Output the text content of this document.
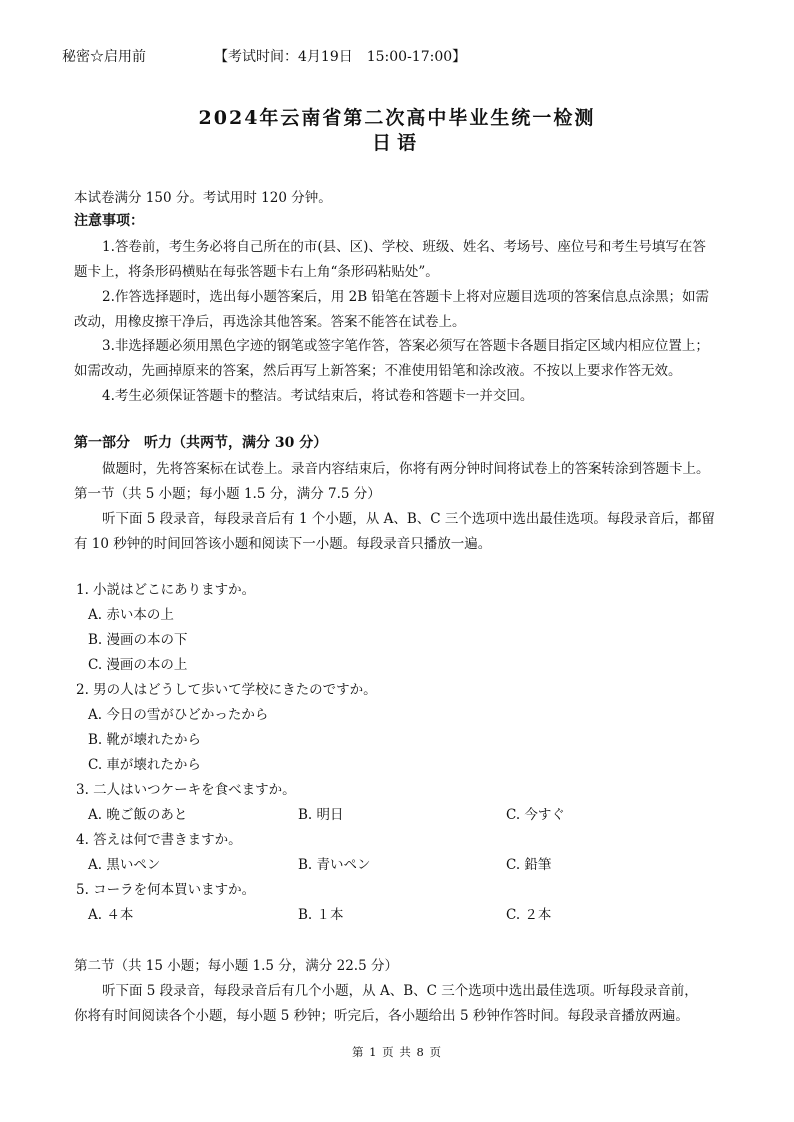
秘密☆启用前	【考试时间：4月19日　15:00-17:00】
2024年云南省第二次高中毕业生统一检测
日语
本试卷满分 150 分。考试用时 120 分钟。
注意事项：
1.答卷前，考生务必将自己所在的市(县、区)、学校、班级、姓名、考场号、座位号和考生号填写在答
题卡上，将条形码横贴在每张答题卡右上角“条形码粘贴处”。
2.作答选择题时，选出每小题答案后，用 2B 铅笔在答题卡上将对应题目选项的答案信息点涂黑；如需
改动，用橡皮擦干净后，再选涂其他答案。答案不能答在试卷上。
3.非选择题必须用黑色字迹的钢笔或签字笔作答，答案必须写在答题卡各题目指定区域内相应位置上；
如需改动，先画掉原来的答案，然后再写上新答案；不准使用铅笔和涂改液。不按以上要求作答无效。
4.考生必须保证答题卡的整洁。考试结束后，将试卷和答题卡一并交回。
第一部分　听力（共两节，满分 30 分）
做题时，先将答案标在试卷上。录音内容结束后，你将有两分钟时间将试卷上的答案转涂到答题卡上。
第一节（共 5 小题；每小题 1.5 分，满分 7.5 分）
听下面 5 段录音，每段录音后有 1 个小题，从 A、B、C 三个选项中选出最佳选项。每段录音后，都留
有 10 秒钟的时间回答该小题和阅读下一小题。每段录音只播放一遍。
1. 小説はどこにありますか。
A. 赤い本の上
B. 漫画の本の下
C. 漫画の本の上
2. 男の人はどうして歩いて学校にきたのですか。
A. 今日の雪がひどかったから
B. 靴が壊れたから
C. 車が壊れたから
3. 二人はいつケーキを食べますか。
A. 晩ご飯のあと	B. 明日	C. 今すぐ
4. 答えは何で書きますか。
A. 黒いペン	B. 青いペン	C. 鉛筆
5. コーラを何本買いますか。
A. ４本	B. １本	C. ２本
第二节（共 15 小题；每小题 1.5 分，满分 22.5 分）
听下面 5 段录音，每段录音后有几个小题，从 A、B、C 三个选项中选出最佳选项。听每段录音前，
你将有时间阅读各个小题，每小题 5 秒钟；听完后，各小题给出 5 秒钟作答时间。每段录音播放两遍。
第 1 页 共 8 页
